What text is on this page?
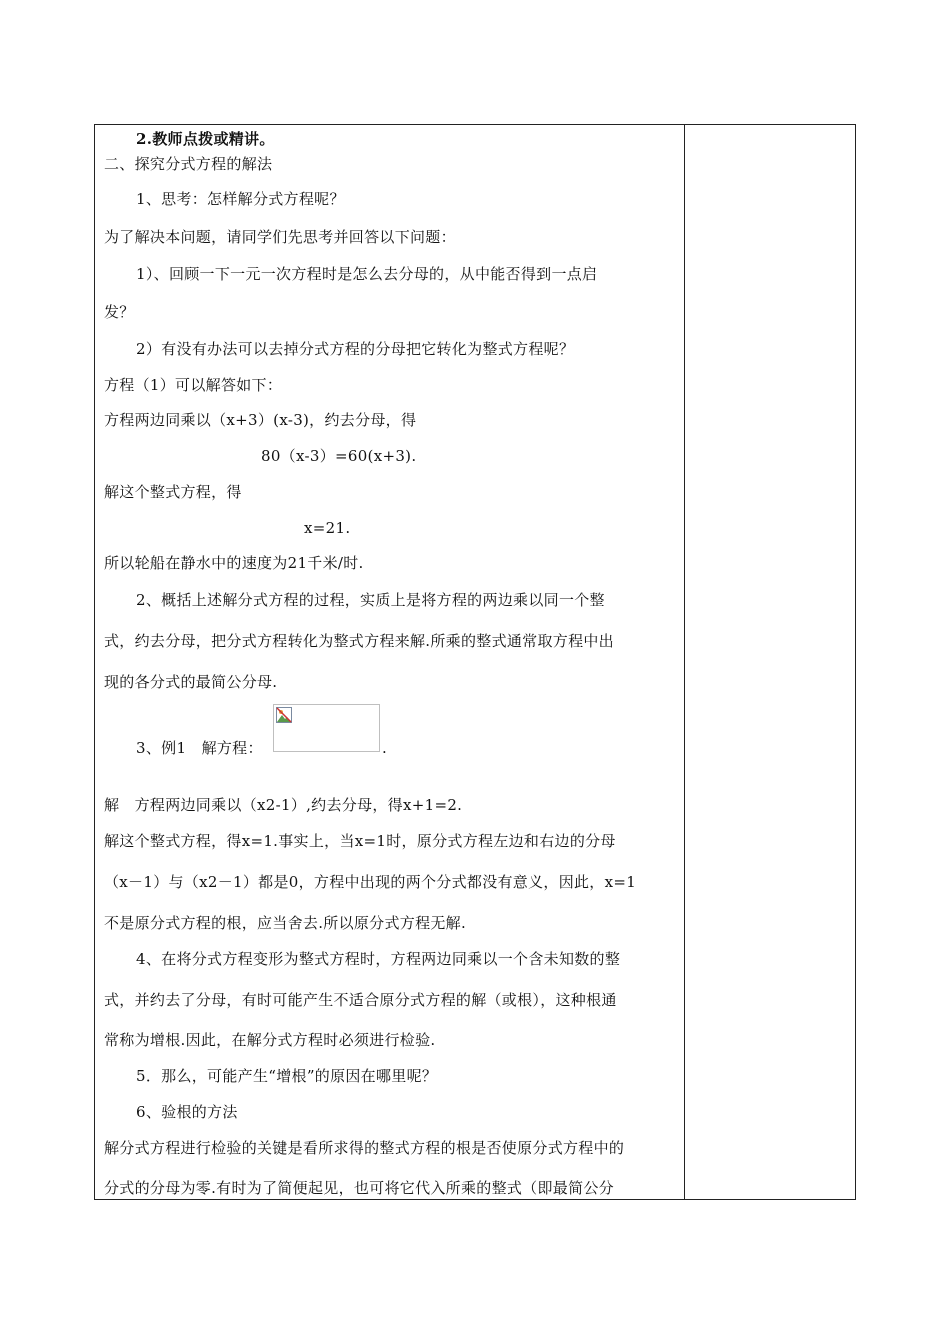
2.教师点拨或精讲。
二、探究分式方程的解法
1、思考：怎样解分式方程呢？
为了解决本问题，请同学们先思考并回答以下问题：
1）、回顾一下一元一次方程时是怎么去分母的，从中能否得到一点启
发？
2）有没有办法可以去掉分式方程的分母把它转化为整式方程呢？
方程（1）可以解答如下：
方程两边同乘以（x+3）(x-3)，约去分母，得
80（x-3）=60(x+3).
解这个整式方程，得
x=21.
所以轮船在静水中的速度为21千米/时.
2、概括上述解分式方程的过程，实质上是将方程的两边乘以同一个整
式，约去分母，把分式方程转化为整式方程来解.所乘的整式通常取方程中出
现的各分式的最简公分母.
3、例1　解方程：	.
解　方程两边同乘以（x2-1）,约去分母，得x+1=2.
解这个整式方程，得x=1.事实上，当x=1时，原分式方程左边和右边的分母
（x－1）与（x2－1）都是0，方程中出现的两个分式都没有意义，因此，x=1
不是原分式方程的根，应当舍去.所以原分式方程无解.
4、在将分式方程变形为整式方程时，方程两边同乘以一个含未知数的整
式，并约去了分母，有时可能产生不适合原分式方程的解（或根），这种根通
常称为增根.因此，在解分式方程时必须进行检验.
5．那么，可能产生“增根”的原因在哪里呢？
6、验根的方法
解分式方程进行检验的关键是看所求得的整式方程的根是否使原分式方程中的
分式的分母为零.有时为了简便起见，也可将它代入所乘的整式（即最简公分
